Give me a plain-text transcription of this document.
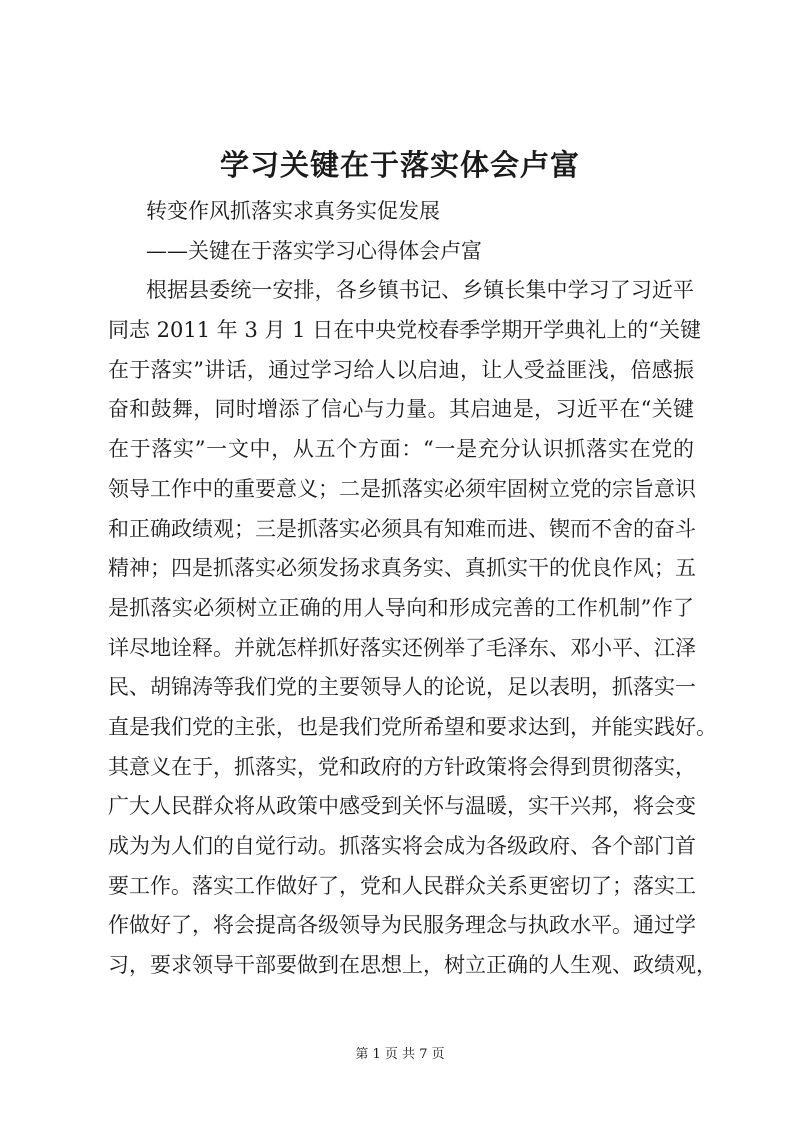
学习关键在于落实体会卢富
转变作风抓落实求真务实促发展
——关键在于落实学习心得体会卢富
根据县委统一安排，各乡镇书记、乡镇长集中学习了习近平
同志 2011 年 3 月 1 日在中央党校春季学期开学典礼上的“关键
在于落实”讲话，通过学习给人以启迪，让人受益匪浅，倍感振
奋和鼓舞，同时增添了信心与力量。其启迪是，习近平在“关键
在于落实”一文中，从五个方面：“一是充分认识抓落实在党的
领导工作中的重要意义；二是抓落实必须牢固树立党的宗旨意识
和正确政绩观；三是抓落实必须具有知难而进、锲而不舍的奋斗
精神；四是抓落实必须发扬求真务实、真抓实干的优良作风；五
是抓落实必须树立正确的用人导向和形成完善的工作机制”作了
详尽地诠释。并就怎样抓好落实还例举了毛泽东、邓小平、江泽
民、胡锦涛等我们党的主要领导人的论说，足以表明，抓落实一
直是我们党的主张，也是我们党所希望和要求达到，并能实践好。
其意义在于，抓落实，党和政府的方针政策将会得到贯彻落实，
广大人民群众将从政策中感受到关怀与温暖，实干兴邦，将会变
成为为人们的自觉行动。抓落实将会成为各级政府、各个部门首
要工作。落实工作做好了，党和人民群众关系更密切了；落实工
作做好了，将会提高各级领导为民服务理念与执政水平。通过学
习，要求领导干部要做到在思想上，树立正确的人生观、政绩观，
第 1 页 共 7 页
